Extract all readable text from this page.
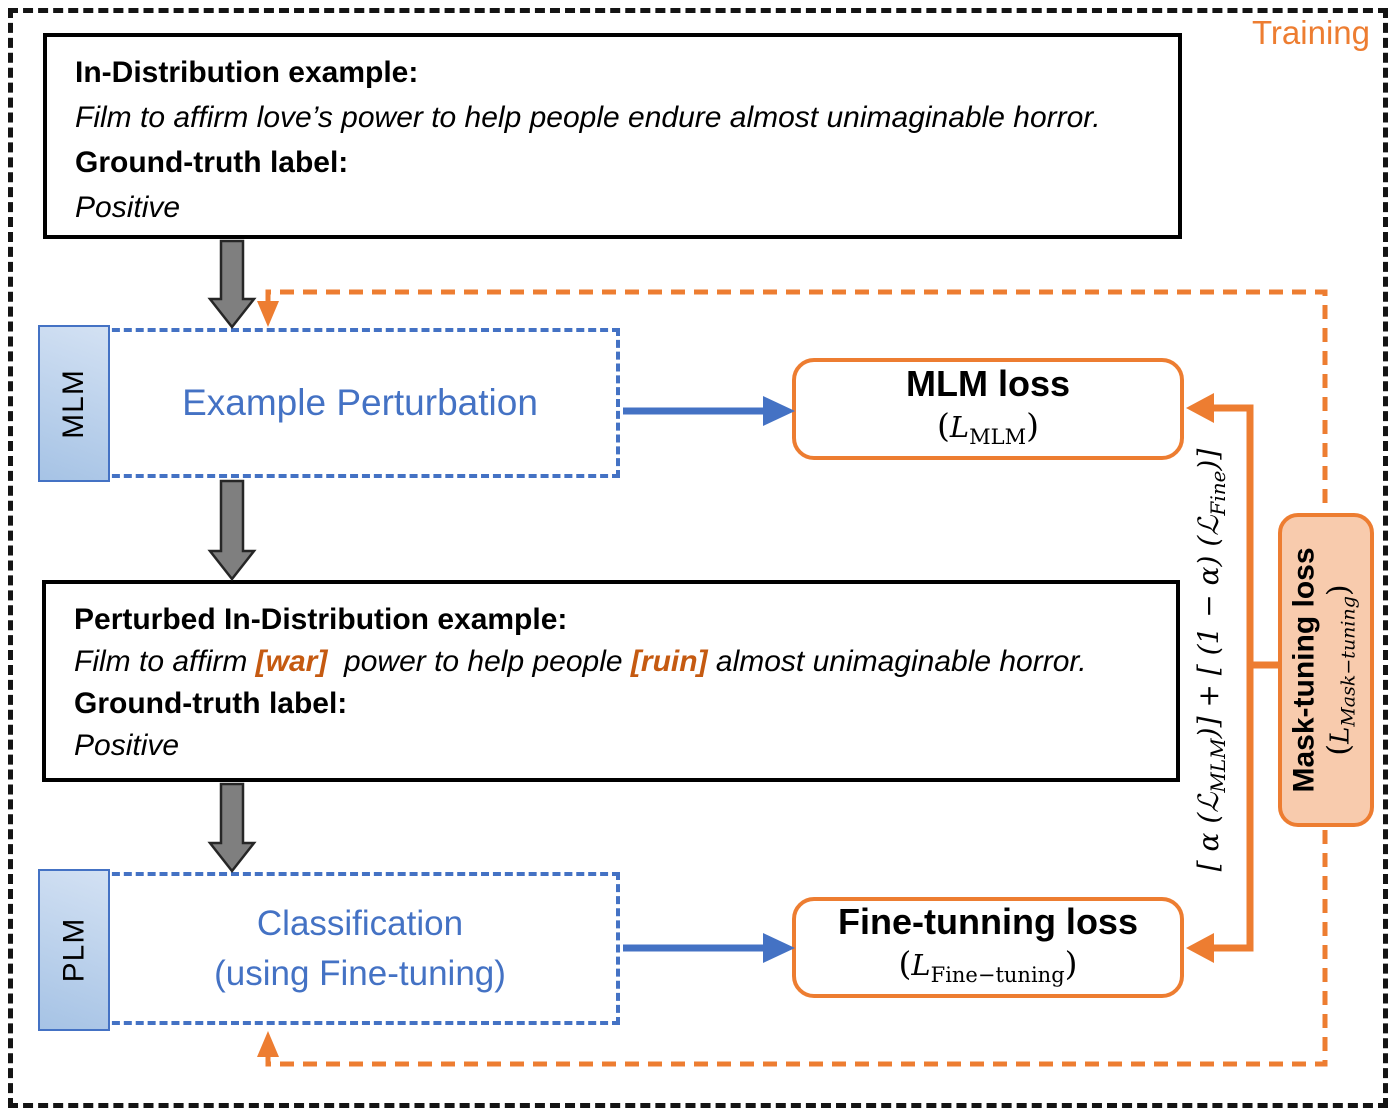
Training
In-Distribution example:
Film to affirm love’s power to help people endure almost unimaginable horror.
Ground-truth label:
Positive
Example Perturbation
MLM	MLM loss
$(L_{MLM})$
Perturbed In-Distribution example:
Film to affirm [war]  power to help people [ruin] almost unimaginable horror.
Ground-truth label:
Positive
Classification
(using Fine-tuning)
PLM	Fine-tunning loss
$(L_{Fine-tuning})$
Mask-tuning loss $(L_{Mask-tuning})$
[ α (ℒ$_{MLM}$)] + [ (1 − α) (ℒ$_{Fine}$)]
